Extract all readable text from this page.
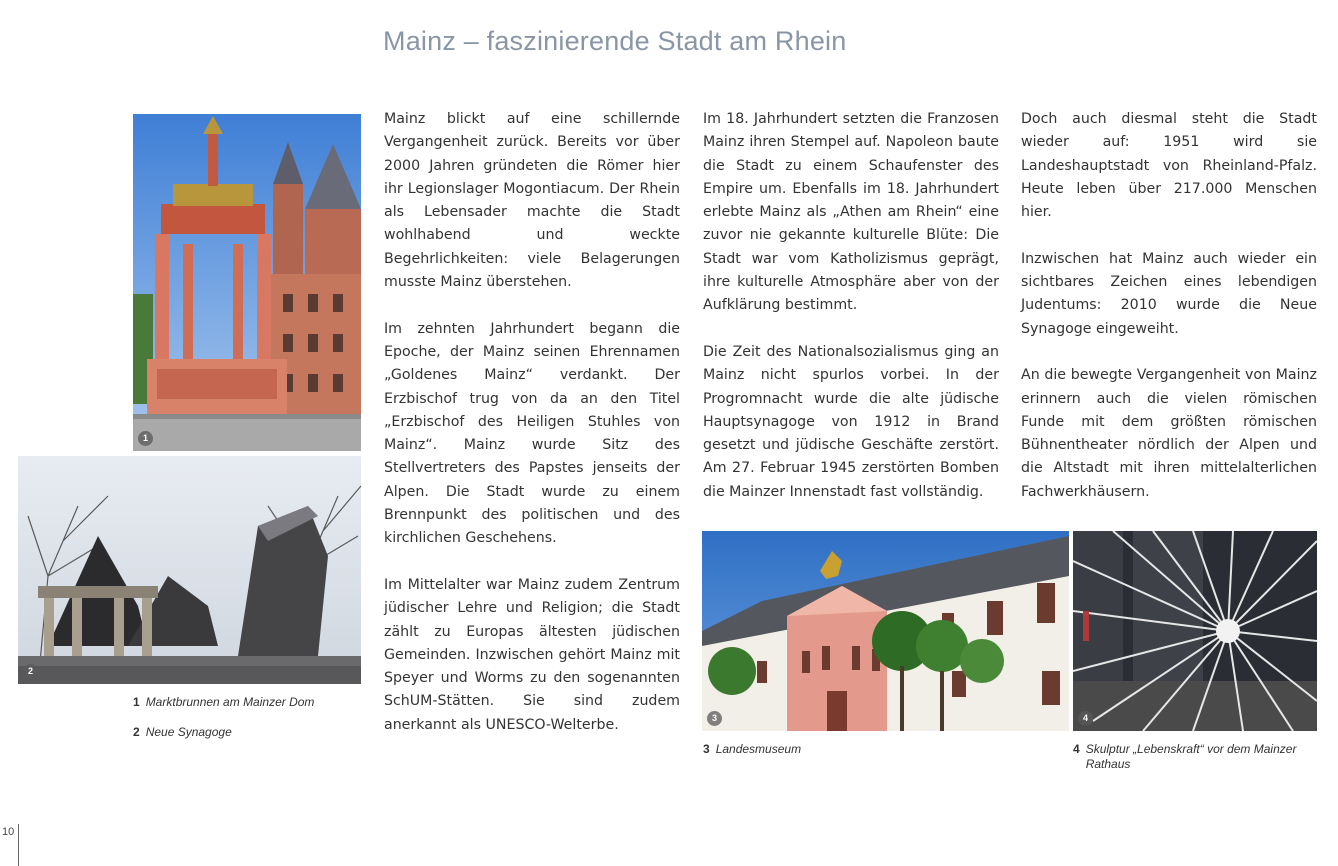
Mainz – faszinierende Stadt am Rhein

Mainz blickt auf eine schillernde Vergangenheit zurück. Bereits vor über 2000 Jahren gründeten die Römer hier ihr Legionslager Mogontiacum. Der Rhein als Lebensader machte die Stadt wohlhabend und weckte Begehrlichkeiten: viele Belagerungen musste Mainz überstehen.

Im zehnten Jahrhundert begann die Epoche, der Mainz seinen Ehrennamen „Goldenes Mainz“ verdankt. Der Erzbischof trug von da an den Titel „Erzbischof des Heiligen Stuhles von Mainz“. Mainz wurde Sitz des Stellvertreters des Papstes jenseits der Alpen. Die Stadt wurde zu einem Brennpunkt des politischen und des kirchlichen Geschehens.

Im Mittelalter war Mainz zudem Zentrum jüdischer Lehre und Religion; die Stadt zählt zu Europas ältesten jüdischen Gemeinden. Inzwischen gehört Mainz mit Speyer und Worms zu den sogenannten SchUM-Stätten. Sie sind zudem anerkannt als UNESCO-Welterbe.

Im 18. Jahrhundert setzten die Franzosen Mainz ihren Stempel auf. Napoleon baute die Stadt zu einem Schaufenster des Empire um. Ebenfalls im 18. Jahrhundert erlebte Mainz als „Athen am Rhein“ eine zuvor nie gekannte kulturelle Blüte: Die Stadt war vom Katholizismus geprägt, ihre kulturelle Atmosphäre aber von der Aufklärung bestimmt.

Die Zeit des Nationalsozialismus ging an Mainz nicht spurlos vorbei. In der Progromnacht wurde die alte jüdische Hauptsynagoge von 1912 in Brand gesetzt und jüdische Geschäfte zerstört. Am 27. Februar 1945 zerstörten Bomben die Mainzer Innenstadt fast vollständig.

Doch auch diesmal steht die Stadt wieder auf: 1951 wird sie Landeshauptstadt von Rheinland-Pfalz. Heute leben über 217.000 Menschen hier.

Inzwischen hat Mainz auch wieder ein sichtbares Zeichen eines lebendigen Judentums: 2010 wurde die Neue Synagoge eingeweiht.

An die bewegte Vergangenheit von Mainz erinnern auch die vielen römischen Funde mit dem größten römischen Bühnentheater nördlich der Alpen und die Altstadt mit ihren mittelalterlichen Fachwerkhäusern.

1
2
3	4
1 Marktbrunnen am Mainzer Dom
2 Neue Synagoge
3 Landesmuseum	4 Skulptur „Lebenskraft“ vor dem Mainzer Rathaus
10
